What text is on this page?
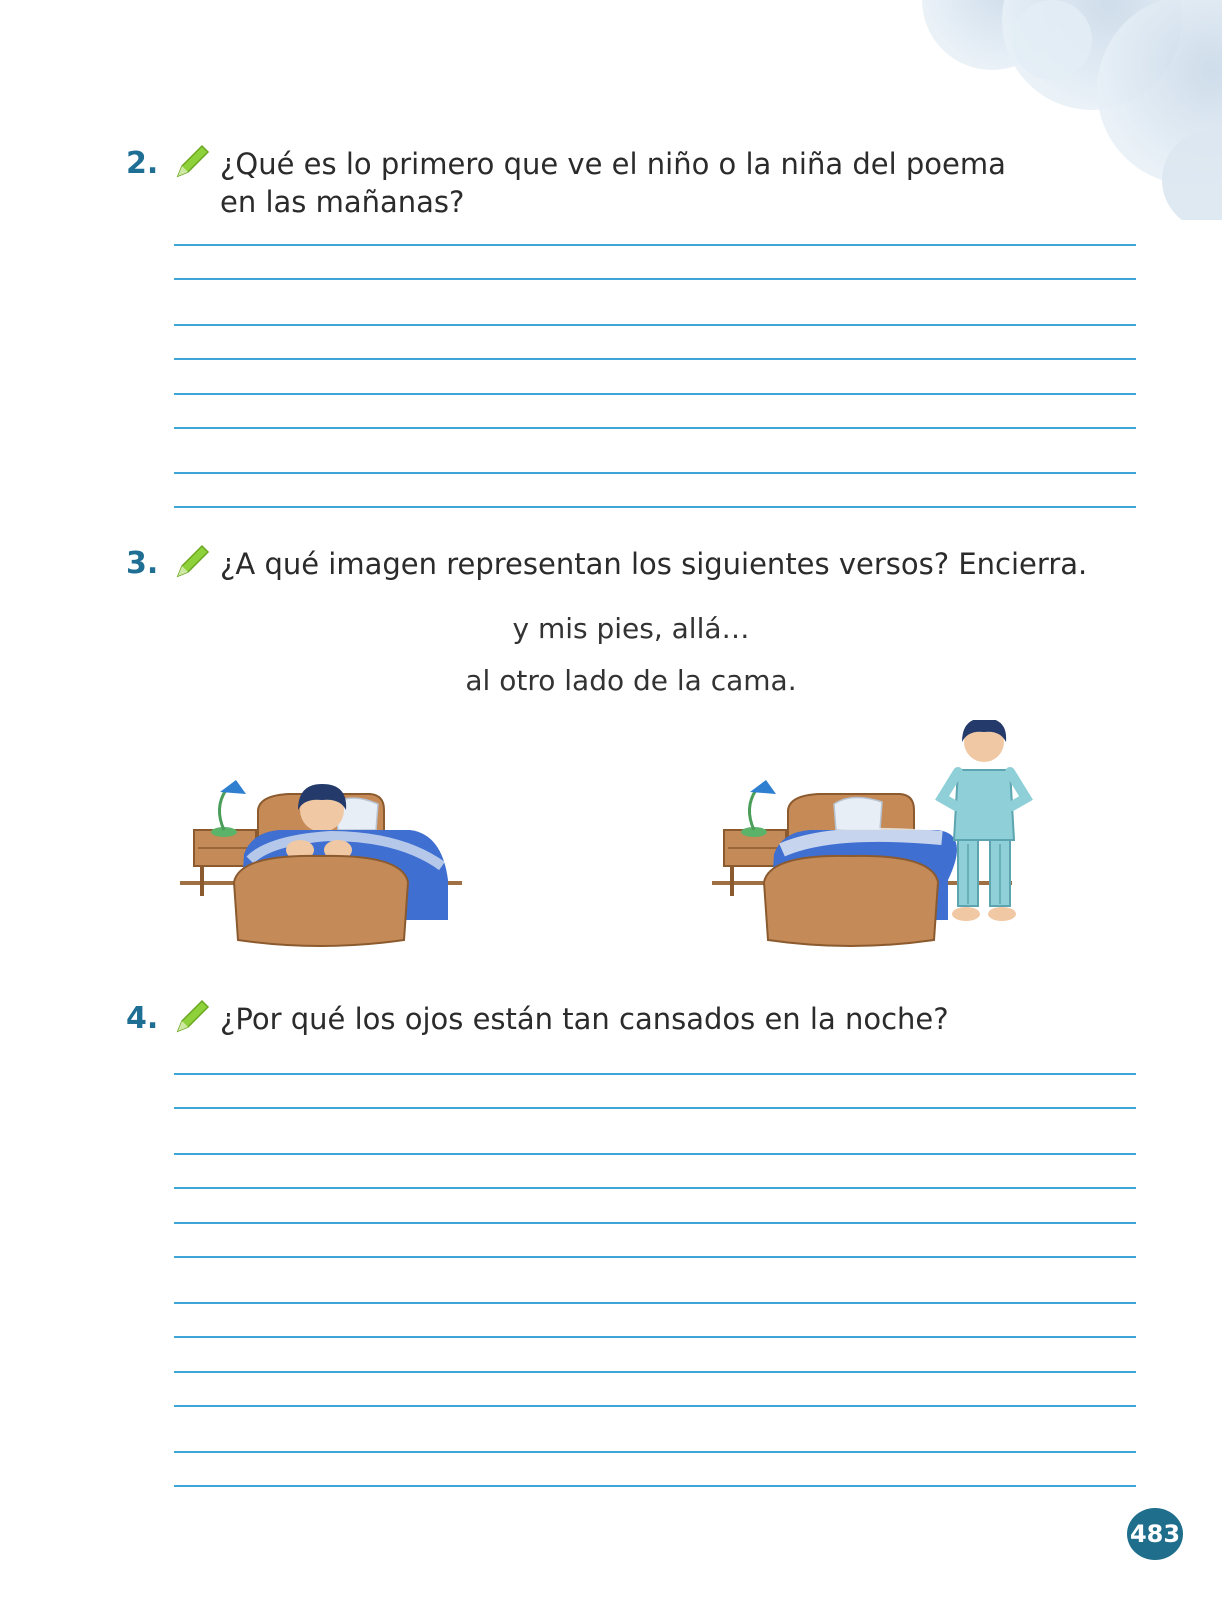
2. ¿Qué es lo primero que ve el niño o la niña del poema
en las mañanas?
3. ¿A qué imagen representan los siguientes versos? Encierra.
y mis pies, allá…
al otro lado de la cama.
4. ¿Por qué los ojos están tan cansados en la noche?
483
